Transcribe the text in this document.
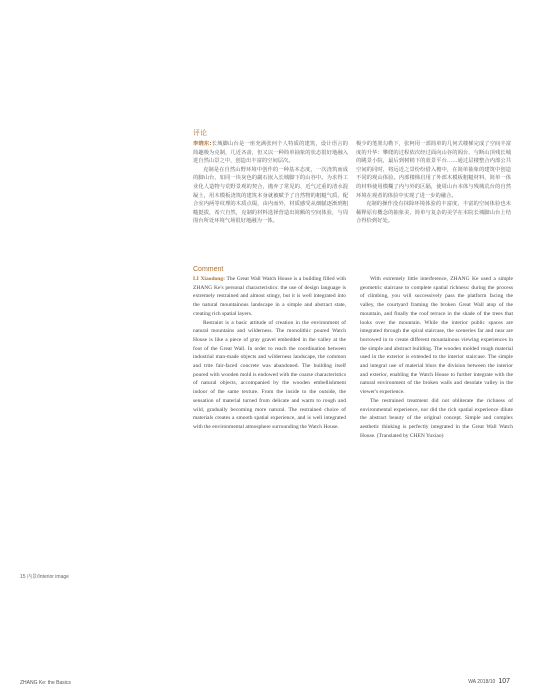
评论

李晓东:长城脚山台是一座充满张何个人特质的建筑，设计语言的简趣极为克制，几近吝啬，但又以一种简单抽象的状态很好地融入进自然山景之中，创造出丰富的空间层次。

克制是在自然山野环境中创作的一种基本态度，一次浇筑而成的脚山台，如同一块灰色的巖石嵌入长城脚下的山谷中。为求得工业化人造物与荒野景观的契合，抛弃了常见的、近气过重的清水混凝土，用木模板浇筑的建筑本身就被赋予了自然物的粗糙气质，配合室内两等纹理的木质点缀，由内而外，材质感受从细腻逐渐到粗糙挺拔，希穴自然，克制的材料选择营造出简额的空间体验，与周围台所处环境气场很好地融为一体。

极少的笔墨勾勒下，张柯用一部简单的几何式楼梯完成了空间丰富度的升华：攀爬的过程依次经过面向山谷的阁台、与断山顶残长城的眺景小院，最后到树梢下的蓝景平台……通过层楼整合内部公共空间的同时，将远近之景纷纷借入檐中，在简单抽象的建筑中创造不同的观山体验。内部楼梯启用了外部木模板粗糙材料，简单一体的材料使用模糊了内与外的区隔，使周山台本体与残城荒台的自然环境在观者的体验中实现了进一步的融合。

克制的操作没有抹除环境体验的丰富度，丰富的空间体验也未稀释原有概念的抽象美，简单与复杂的美学在本院长城脚山台上结合得恰到好处。

Comment

LI Xiaodong: The Great Wall Watch House is a building filled with ZHANG Ke's personal characteristics: the use of design language is extremely restrained and almost stingy, but it is well integrated into the natural mountainous landscape in a simple and abstract state, creating rich spatial layers.

Restraint is a basic attitude of creation in the environment of natural mountains and wilderness. The monolithic poured Watch House is like a piece of gray gravel embedded in the valley at the foot of the Great Wall. In order to reach the coordination between industrial man-made objects and wilderness landscape, the common and trite fair-faced concrete was abandoned. The building itself poured with wooden mold is endowed with the coarse characteristics of natural objects, accompanied by the wooden embellishment indoor of the same texture. From the inside to the outside, the sensation of material turned from delicate and warm to rough and wild, gradually becoming more natural. The restrained choice of materials creates a smooth spatial experience, and is well integrated with the environmental atmosphere surrounding the Watch House.

With extremely little interference, ZHANG Ke used a simple geometric staircase to complete spatial richness: during the process of climbing, you will successively pass the platform facing the valley, the courtyard framing the broken Great Wall atop of the mountain, and finally the roof terrace in the shade of the trees that looks over the mountain. While the interior public spaces are integrated through the spiral staircase, the sceneries far and near are borrowed in to create different mountainous viewing experiences in the simple and abstract building. The wooden molded rough material used in the exterior is extended to the interior staircase. The simple and integral use of material blurs the division between the interior and exterior, enabling the Watch House to further integrate with the natural environment of the broken walls and desolate valley in the viewer's experience.

The restrained treatment did not obliterate the richness of environmental experience, nor did the rich spatial experience dilute the abstract beauty of the original concept. Simple and complex aesthetic thinking is perfectly integrated in the Great Wall Watch House. (Translated by CHEN Yuxiao)

15 内景/Interior image
ZHANG Ke: the Basics	WA 2018/10 107
